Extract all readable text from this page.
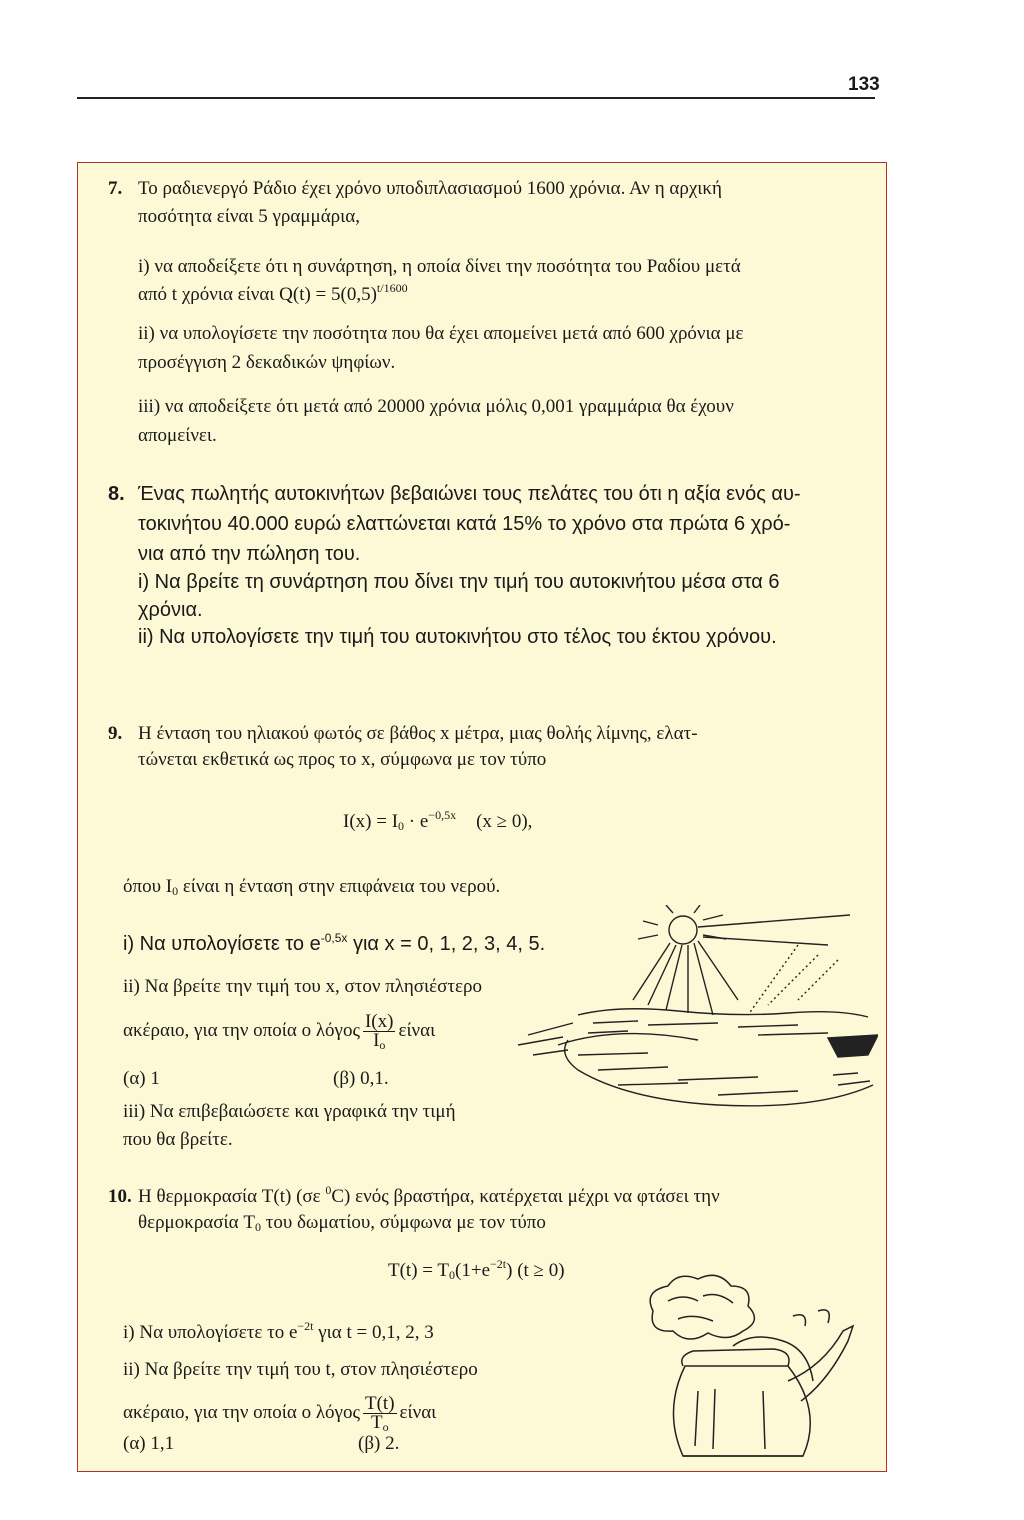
133
7. Το ραδιενεργό Ράδιο έχει χρόνο υποδιπλασιασμού 1600 χρόνια. Αν η αρχική
ποσότητα είναι 5 γραμμάρια,
i) να αποδείξετε ότι η συνάρτηση, η οποία δίνει την ποσότητα του Ραδίου μετά
από t χρόνια είναι $Q(t) = 5(0,5)^{t/1600}$
ii) να υπολογίσετε την ποσότητα που θα έχει απομείνει μετά από 600 χρόνια με
προσέγγιση 2 δεκαδικών ψηφίων.
iii) να αποδείξετε ότι μετά από 20000 χρόνια μόλις 0,001 γραμμάρια θα έχουν
απομείνει.
8. Ένας πωλητής αυτοκινήτων βεβαιώνει τους πελάτες του ότι η αξία ενός αυ-
τοκινήτου 40.000 ευρώ ελαττώνεται κατά 15% το χρόνο στα πρώτα 6 χρό-
νια από την πώληση του.
i) Να βρείτε τη συνάρτηση που δίνει την τιμή του αυτοκινήτου μέσα στα 6
χρόνια.
ii) Να υπολογίσετε την τιμή του αυτοκινήτου στο τέλος του έκτου χρόνου.
9. Η ένταση του ηλιακού φωτός σε βάθος x μέτρα, μιας θολής λίμνης, ελατ-
τώνεται εκθετικά ως προς το x, σύμφωνα με τον τύπο
$I(x) = I_0 \cdot e^{-0,5x}$ (x ≥ 0),
όπου $I_0$ είναι η ένταση στην επιφάνεια του νερού.
i) Να υπολογίσετε το $e^{-0,5x}$ για x = 0, 1, 2, 3, 4, 5.
ii) Να βρείτε την τιμή του x, στον πλησιέστερο
ακέραιο, για την οποία ο λόγος $\frac{I(x)}{I_o}$ είναι
(α) 1	(β) 0,1.
iii) Να επιβεβαιώσετε και γραφικά την τιμή
που θα βρείτε.
10. Η θερμοκρασία T(t) (σε $^0$C) ενός βραστήρα, κατέρχεται μέχρι να φτάσει την
θερμοκρασία $T_0$ του δωματίου, σύμφωνα με τον τύπο
$T(t) = T_0(1+e^{-2t}) (t \ge 0)$
i) Να υπολογίσετε το $e^{-2t}$ για t = 0,1, 2, 3
ii) Να βρείτε την τιμή του t, στον πλησιέστερο
ακέραιο, για την οποία ο λόγος $\frac{T(t)}{T_o}$ είναι
(α) 1,1	(β) 2.
